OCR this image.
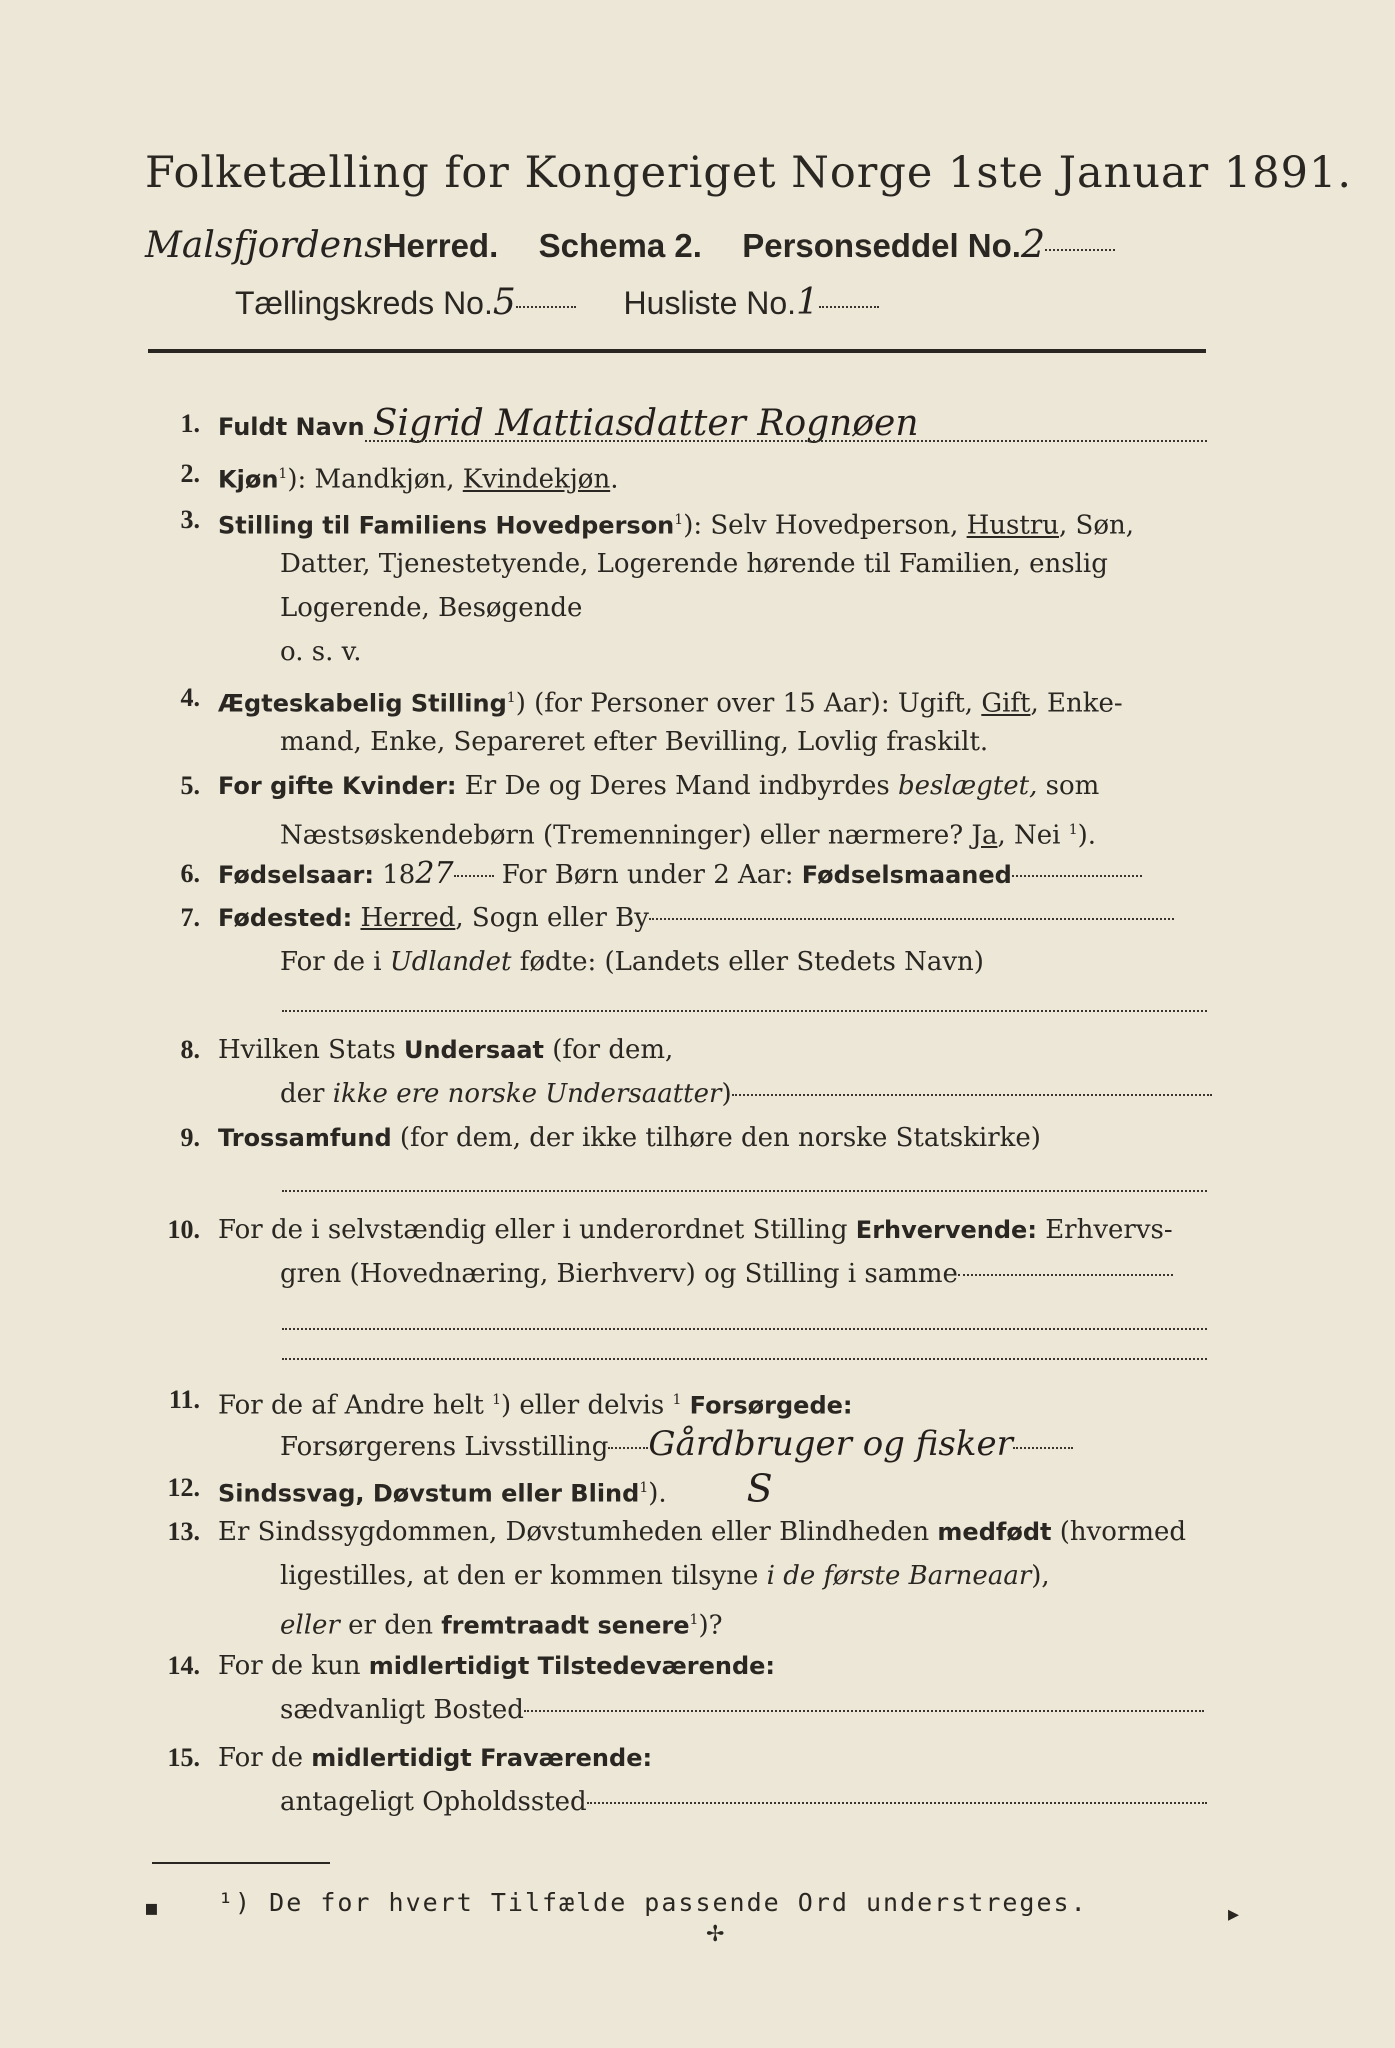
Folketælling for Kongeriget Norge 1ste Januar 1891.
MalsfjordensHerred. Schema 2. Personseddel No.2
Tællingskreds No.5	Husliste No.1
1. Fuldt Navn Sigrid Mattiasdatter Rognøen
2. Kjøn$^1$): Mandkjøn, Kvindekjøn.
3. Stilling til Familiens Hovedperson$^1$): Selv Hovedperson, Hustru, Søn,
Datter, Tjenestetyende, Logerende hørende til Familien, enslig
Logerende, Besøgende
o. s. v.
4. Ægteskabelig Stilling$^1$) (for Personer over 15 Aar): Ugift, Gift, Enke-
mand, Enke, Separeret efter Bevilling, Lovlig fraskilt.
5. For gifte Kvinder: Er De og Deres Mand indbyrdes beslægtet, som
Næstsøskendebørn (Tremenninger) eller nærmere? Ja, Nei $^1$).
6. Fødselsaar: 1827 For Børn under 2 Aar: Fødselsmaaned
7. Fødested: Herred, Sogn eller By
For de i Udlandet fødte: (Landets eller Stedets Navn)
8. Hvilken Stats Undersaat (for dem,
der ikke ere norske Undersaatter)
9. Trossamfund (for dem, der ikke tilhøre den norske Statskirke)
10. For de i selvstændig eller i underordnet Stilling Erhvervende: Erhvervs-
gren (Hovednæring, Bierhverv) og Stilling i samme
11. For de af Andre helt $^1$) eller delvis $^1$ Forsørgede:
Forsørgerens Livsstilling Gårdbruger og fisker
12. Sindssvag, Døvstum eller Blind$^1$). S
13. Er Sindssygdommen, Døvstumheden eller Blindheden medfødt (hvormed
ligestilles, at den er kommen tilsyne i de første Barneaar),
eller er den fremtraadt senere$^1$)?
14. For de kun midlertidigt Tilstedeværende:
sædvanligt Bosted
15. For de midlertidigt Fraværende:
antageligt Opholdssted
¹) De for hvert Tilfælde passende Ord understreges.
▪
✢
▸
